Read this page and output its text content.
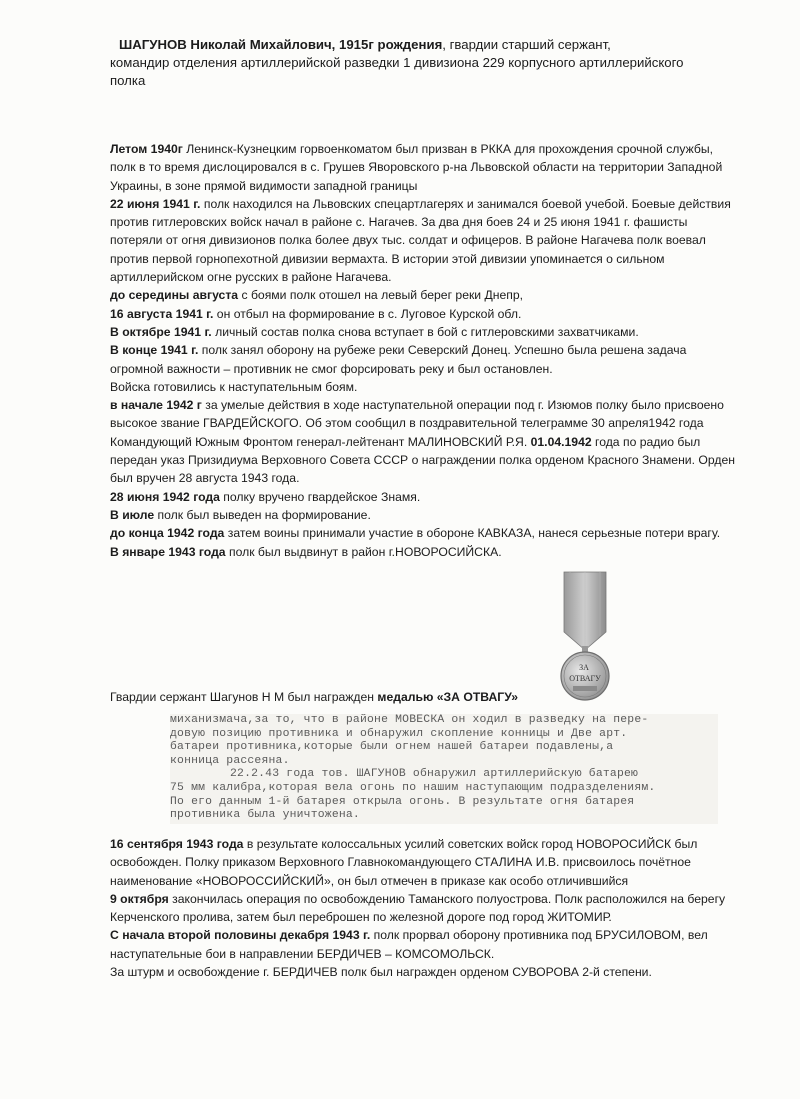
ШАГУНОВ Николай Михайлович, 1915г рождения, гвардии старший сержант,
командир отделения артиллерийской разведки 1 дивизиона 229 корпусного артиллерийского
полка

Летом 1940г Ленинск-Кузнецким горвоенкоматом был призван в РККА для прохождения срочной службы, полк в то время дислоцировался в с. Грушев Яворовского р-на Львовской области на территории Западной Украины, в зоне прямой видимости западной границы

22 июня 1941 г. полк находился на Львовских спецартлагерях и занимался боевой учебой. Боевые действия против гитлеровских войск начал в районе с. Нагачев. За два дня боев 24 и 25 июня 1941 г. фашисты потеряли от огня дивизионов полка более двух тыс. солдат и офицеров. В районе Нагачева полк воевал против первой горнопехотной дивизии вермахта. В истории этой дивизии упоминается о сильном артиллерийском огне русских в районе Нагачева.

до середины августа с боями полк отошел на левый берег реки Днепр,

16 августа 1941 г. он отбыл на формирование в с. Луговое Курской обл.

В октябре 1941 г. личный состав полка снова вступает в бой с гитлеровскими захватчиками.

В конце 1941 г. полк занял оборону на рубеже реки Северский Донец. Успешно была решена задача огромной важности – противник не смог форсировать реку и был остановлен.

Войска готовились к наступательным боям.

в начале 1942 г за умелые действия в ходе наступательной операции под г. Изюмов полку было присвоено высокое звание ГВАРДЕЙСКОГО. Об этом сообщил в поздравительной телеграмме 30 апреля1942 года Командующий Южным Фронтом генерал-лейтенант МАЛИНОВСКИЙ Р.Я. 01.04.1942 года по радио был передан указ Призидиума Верховного Совета СССР о награждении полка орденом Красного Знамени. Орден был вручен 28 августа 1943 года.

28 июня 1942 года полку вручено гвардейское Знамя.

В июле полк был выведен на формирование.

до конца 1942 года затем воины принимали участие в обороне КАВКАЗА, нанеся серьезные потери врагу.

В январе 1943 года полк был выдвинут в район г.НОВОРОСИЙСКА.

ЗА
ОТВАГУ
Гвардии сержант Шагунов Н М был награжден медалью «ЗА ОТВАГУ»
миханизмача,за то, что в районе МОВЕСКА он ходил в разведку на пере-
довую позицию противника и обнаружил скопление конницы и Две арт.
батареи противника,которые были огнем нашей батареи подавлены,а
конница рассеяна.
22.2.43 года тов. ШАГУНОВ обнаружил артиллерийскую батарею
75 мм калибра,которая вела огонь по нашим наступающим подразделениям.
По его данным 1-й батарея открыла огонь. В результате огня батарея
противника была уничтожена.

16 сентября 1943 года в результате колоссальных усилий советских войск город НОВОРОСИЙСК был освобожден. Полку приказом Верховного Главнокомандующего СТАЛИНА И.В. присвоилось почётное наименование «НОВОРОССИЙСКИЙ», он был отмечен в приказе как особо отличившийся

9 октября закончилась операция по освобождению Таманского полуострова. Полк расположился на берегу Керченского пролива, затем был переброшен по железной дороге под город ЖИТОМИР.

С начала второй половины декабря 1943 г. полк прорвал оборону противника под БРУСИЛОВОМ, вел наступательные бои в направлении БЕРДИЧЕВ – КОМСОМОЛЬСК.

За штурм и освобождение г. БЕРДИЧЕВ полк был награжден орденом СУВОРОВА 2-й степени.
